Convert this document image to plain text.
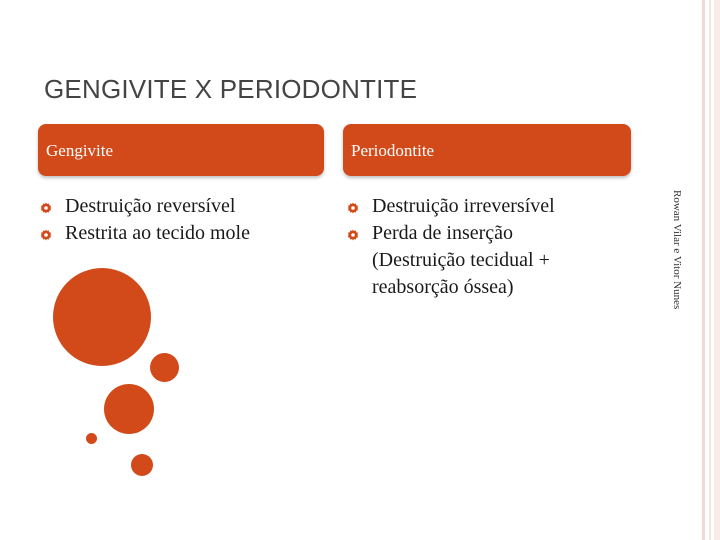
GENGIVITE X PERIODONTITE
Gengivite	Periodontite
Destruição reversível
Restrita ao tecido mole
Destruição irreversível
Perda de inserção (Destruição tecidual + reabsorção óssea)	Rowan Vilar e Vitor Nunes
